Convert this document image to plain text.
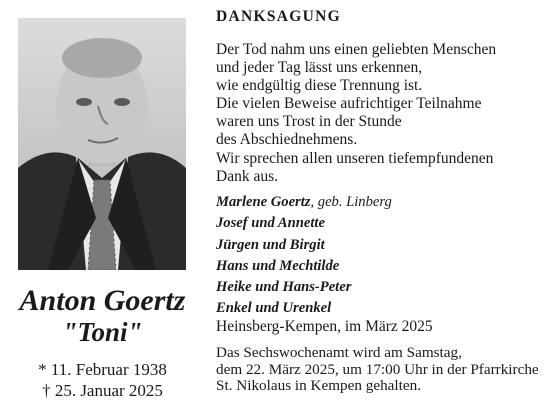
Anton Goertz
"Toni"
* 11. Februar 1938
† 25. Januar 2025
DANKSAGUNG
Der Tod nahm uns einen geliebten Menschen
und jeder Tag lässt uns erkennen,
wie endgültig diese Trennung ist.
Die vielen Beweise aufrichtiger Teilnahme
waren uns Trost in der Stunde
des Abschiednehmens.
Wir sprechen allen unseren tiefempfundenen
Dank aus.
Marlene Goertz, geb. Linberg
Josef und Annette
Jürgen und Birgit
Hans und Mechtilde
Heike und Hans-Peter
Enkel und Urenkel
Heinsberg-Kempen, im März 2025
Das Sechswochenamt wird am Samstag,
dem 22. März 2025, um 17:00 Uhr in der Pfarrkirche
St. Nikolaus in Kempen gehalten.
